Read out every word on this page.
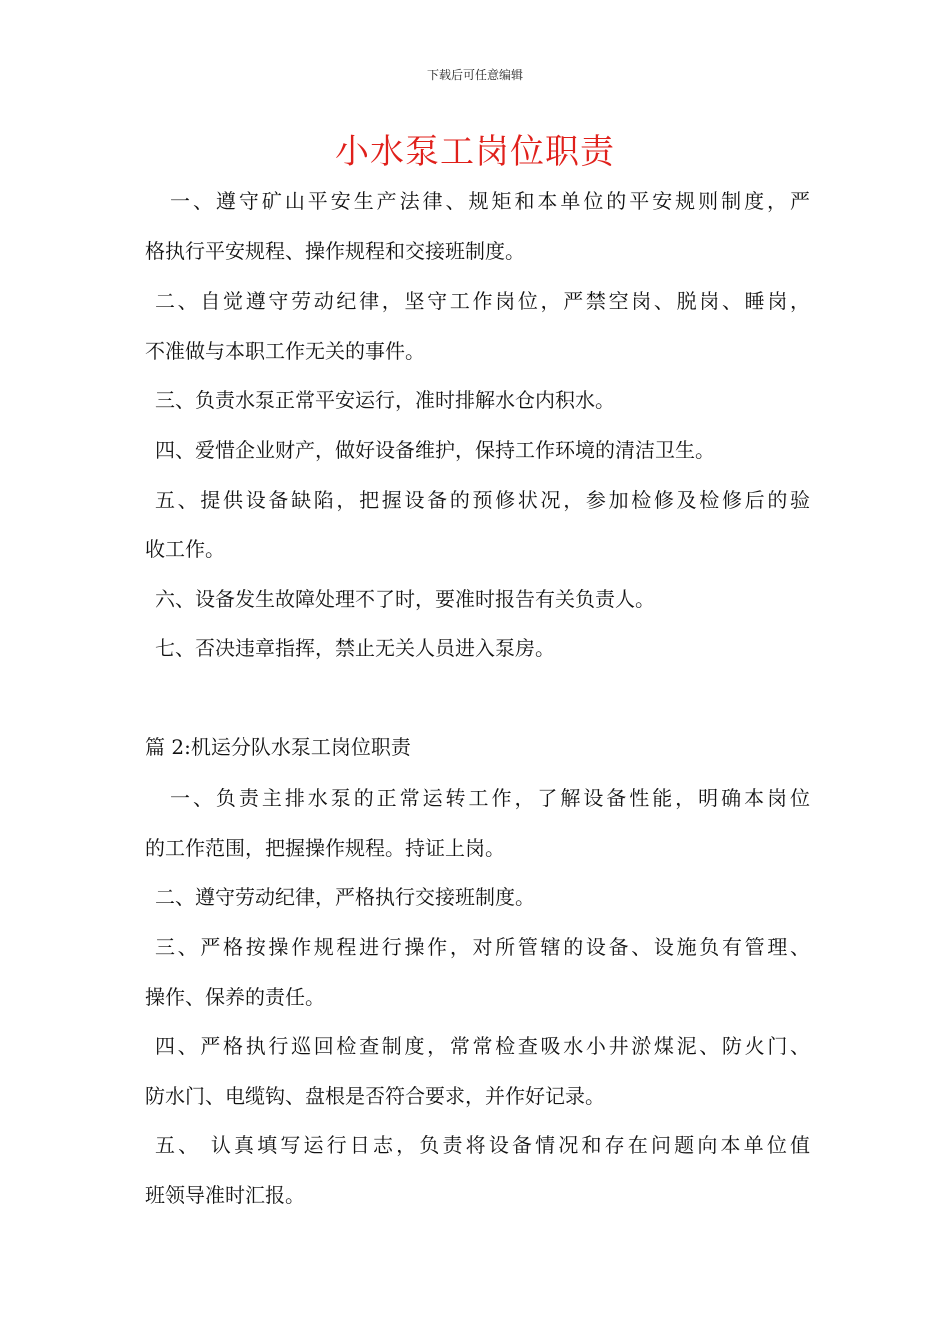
下载后可任意编辑
小水泵工岗位职责
一、遵守矿山平安生产法律、规矩和本单位的平安规则制度，严
格执行平安规程、操作规程和交接班制度。
二、自觉遵守劳动纪律，坚守工作岗位，严禁空岗、脱岗、睡岗，
不准做与本职工作无关的事件。
三、负责水泵正常平安运行，准时排解水仓内积水。
四、爱惜企业财产，做好设备维护，保持工作环境的清洁卫生。
五、提供设备缺陷，把握设备的预修状况，参加检修及检修后的验
收工作。
六、设备发生故障处理不了时，要准时报告有关负责人。
七、否决违章指挥，禁止无关人员进入泵房。
篇 2:机运分队水泵工岗位职责
一、负责主排水泵的正常运转工作，了解设备性能，明确本岗位
的工作范围，把握操作规程。持证上岗。
二、遵守劳动纪律，严格执行交接班制度。
三、严格按操作规程进行操作，对所管辖的设备、设施负有管理、
操作、保养的责任。
四、严格执行巡回检查制度，常常检查吸水小井淤煤泥、防火门、
防水门、电缆钩、盘根是否符合要求，并作好记录。
五、 认真填写运行日志，负责将设备情况和存在问题向本单位值
班领导准时汇报。
